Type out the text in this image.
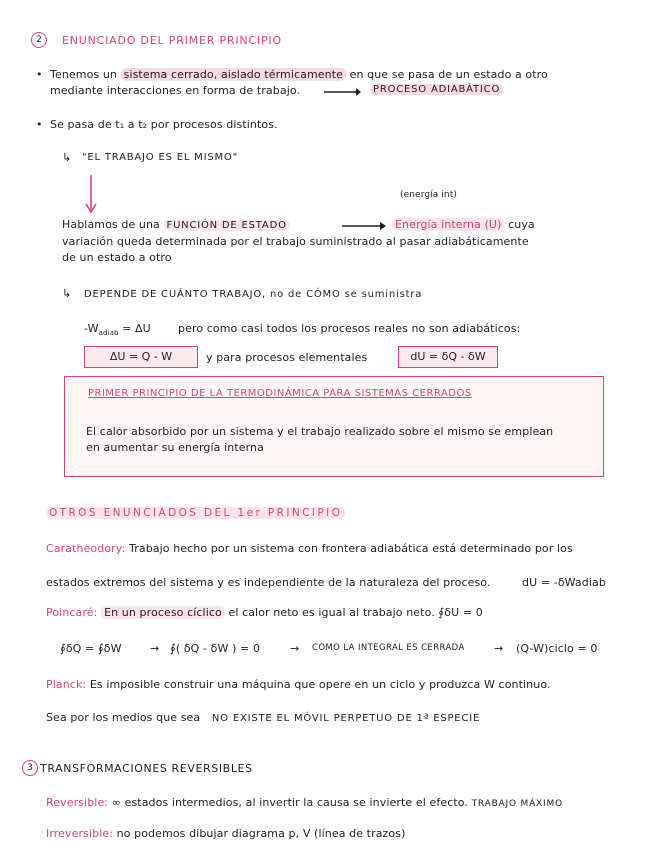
2	ENUNCIADO DEL PRIMER PRINCIPIO
• Tenemos un sistema cerrado, aislado térmicamente en que se pasa de un estado a otro
mediante interacciones en forma de trabajo.	PROCESO ADIABÁTICO
• Se pasa de t₁ a t₂ por procesos distintos.
↳ "EL TRABAJO ES EL MISMO"
(energía int)
Hablamos de una FUNCIÓN DE ESTADO	Energía interna (U) cuya
variación queda determinada por el trabajo suministrado al pasar adiabáticamente
de un estado a otro
↳ DEPENDE DE CUÁNTO TRABAJO, no de CÓMO se suministra
$-W_{adiab} = \Delta U$ pero como casi todos los procesos reales no son adiabáticos:
ΔU = Q - W	y para procesos elementales	dU = δQ - δW
PRIMER PRINCIPIO DE LA TERMODINÁMICA PARA SISTEMAS CERRADOS
El calor absorbido por un sistema y el trabajo realizado sobre el mismo se emplean
en aumentar su energía interna
OTROS ENUNCIADOS DEL 1er PRINCIPIO
Caratheodory: Trabajo hecho por un sistema con frontera adiabática está determinado por los
estados extremos del sistema y es independiente de la naturaleza del proceso.	dU = -δWadiab
Poincaré: En un proceso cíclico el calor neto es igual al trabajo neto. ∮δU = 0
∮δQ = ∮δW	→ ∮( δQ - δW ) = 0	→ COMO LA INTEGRAL ES CERRADA	→ (Q-W)ciclo = 0
Planck: Es imposible construir una máquina que opere en un ciclo y produzca W continuo.
Sea por los medios que sea NO EXISTE EL MÓVIL PERPETUO DE 1ª ESPECIE
3 TRANSFORMACIONES REVERSIBLES
Reversible: ∞ estados intermedios, al invertir la causa se invierte el efecto. TRABAJO MÁXIMO
Irreversible: no podemos dibujar diagrama p, V (línea de trazos)
